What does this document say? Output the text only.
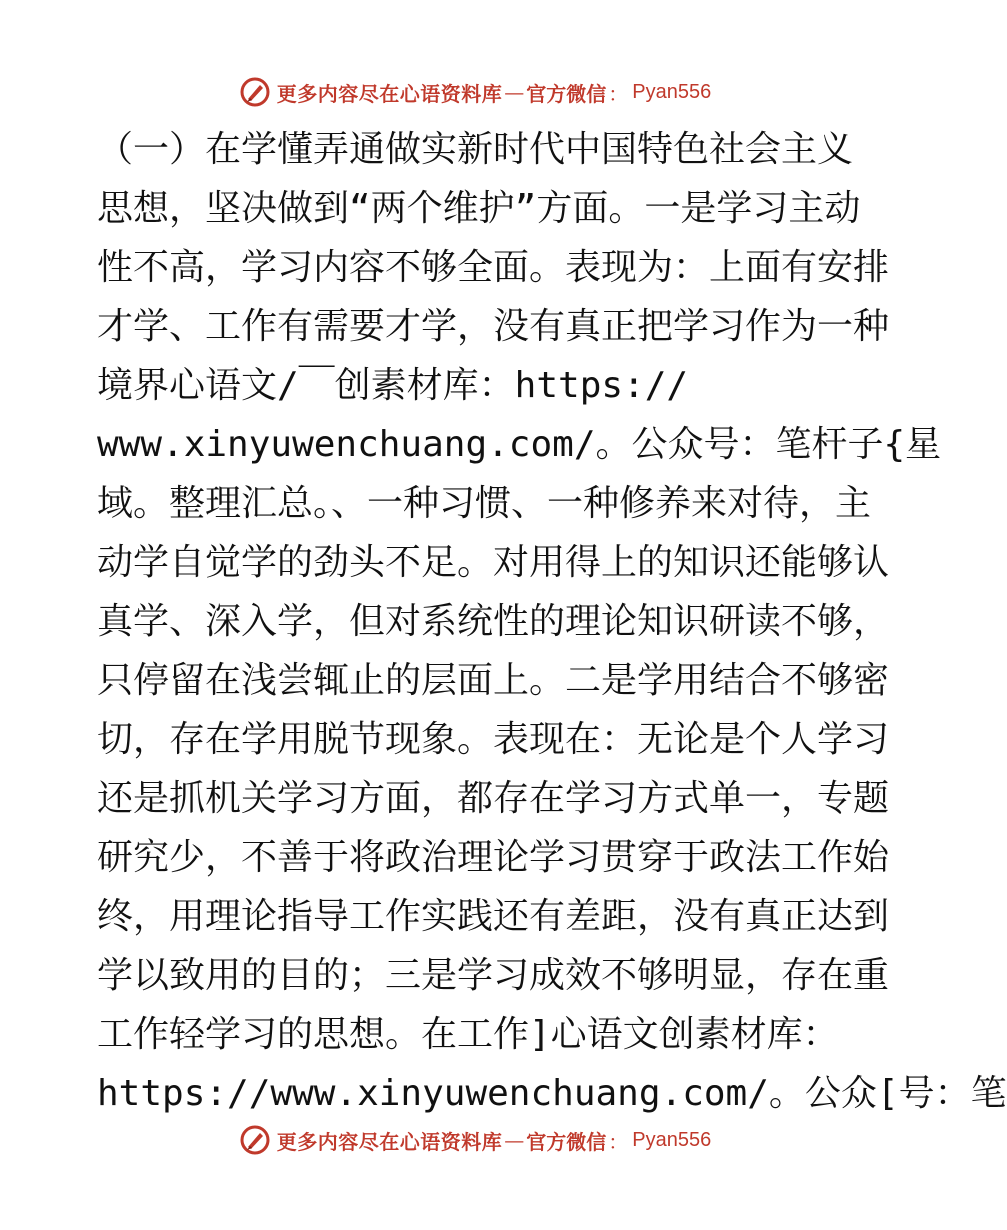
更多内容尽在心语资料库 — 官方微信 ： Pyan556
（一）在学懂弄通做实新时代中国特色社会主义
思想，坚决做到“两个维护”方面。一是学习主动
性不高，学习内容不够全面。表现为：上面有安排
才学、工作有需要才学，没有真正把学习作为一种
境界心语文/￣创素材库：https://
www.xinyuwenchuang.com/。公众号：笔杆子{星
域。整理汇总。、一种习惯、一种修养来对待，主
动学自觉学的劲头不足。对用得上的知识还能够认
真学、深入学，但对系统性的理论知识研读不够，
只停留在浅尝辄止的层面上。二是学用结合不够密
切，存在学用脱节现象。表现在：无论是个人学习
还是抓机关学习方面，都存在学习方式单一，专题
研究少，不善于将政治理论学习贯穿于政法工作始
终，用理论指导工作实践还有差距，没有真正达到
学以致用的目的；三是学习成效不够明显，存在重
工作轻学习的思想。在工作]心语文创素材库：
https://www.xinyuwenchuang.com/。公众[号：笔
更多内容尽在心语资料库 — 官方微信 ： Pyan556
